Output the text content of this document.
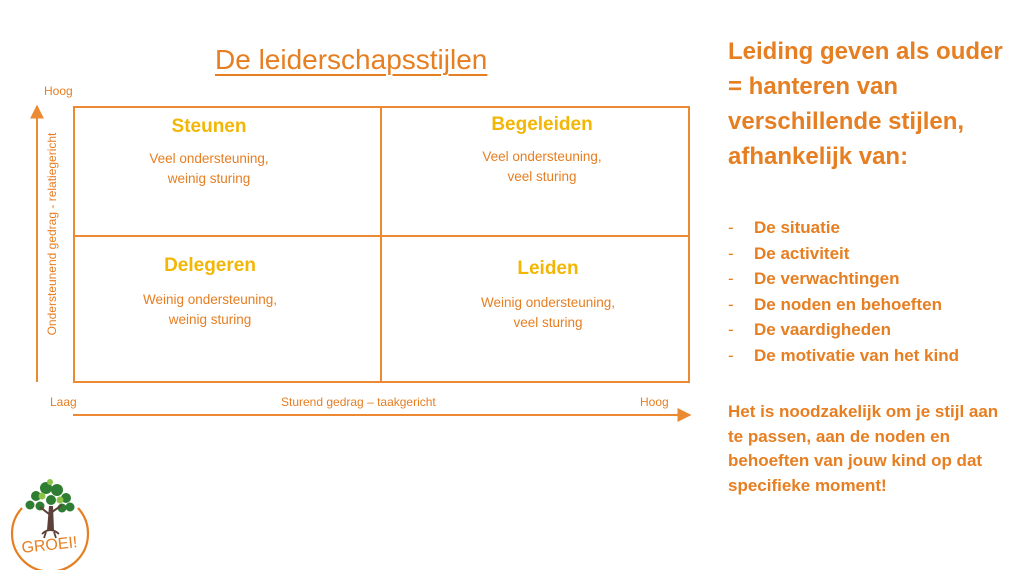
De leiderschapsstijlen
Hoog
Ondersteunend gedrag - relatiegericht
Laag	Sturend gedrag – taakgericht	Hoog
Steunen
Veel ondersteuning,
weinig sturing
Begeleiden
Veel ondersteuning,
veel sturing
Delegeren
Weinig ondersteuning,
weinig sturing
Leiden
Weinig ondersteuning,
veel sturing
Leiding geven als ouder = hanteren van verschillende stijlen, afhankelijk van:
- De situatie
- De activiteit
- De verwachtingen
- De noden en behoeften
- De vaardigheden
- De motivatie van het kind
Het is noodzakelijk om je stijl aan te passen, aan de noden en behoeften van jouw kind op dat specifieke moment!
GROEI!
